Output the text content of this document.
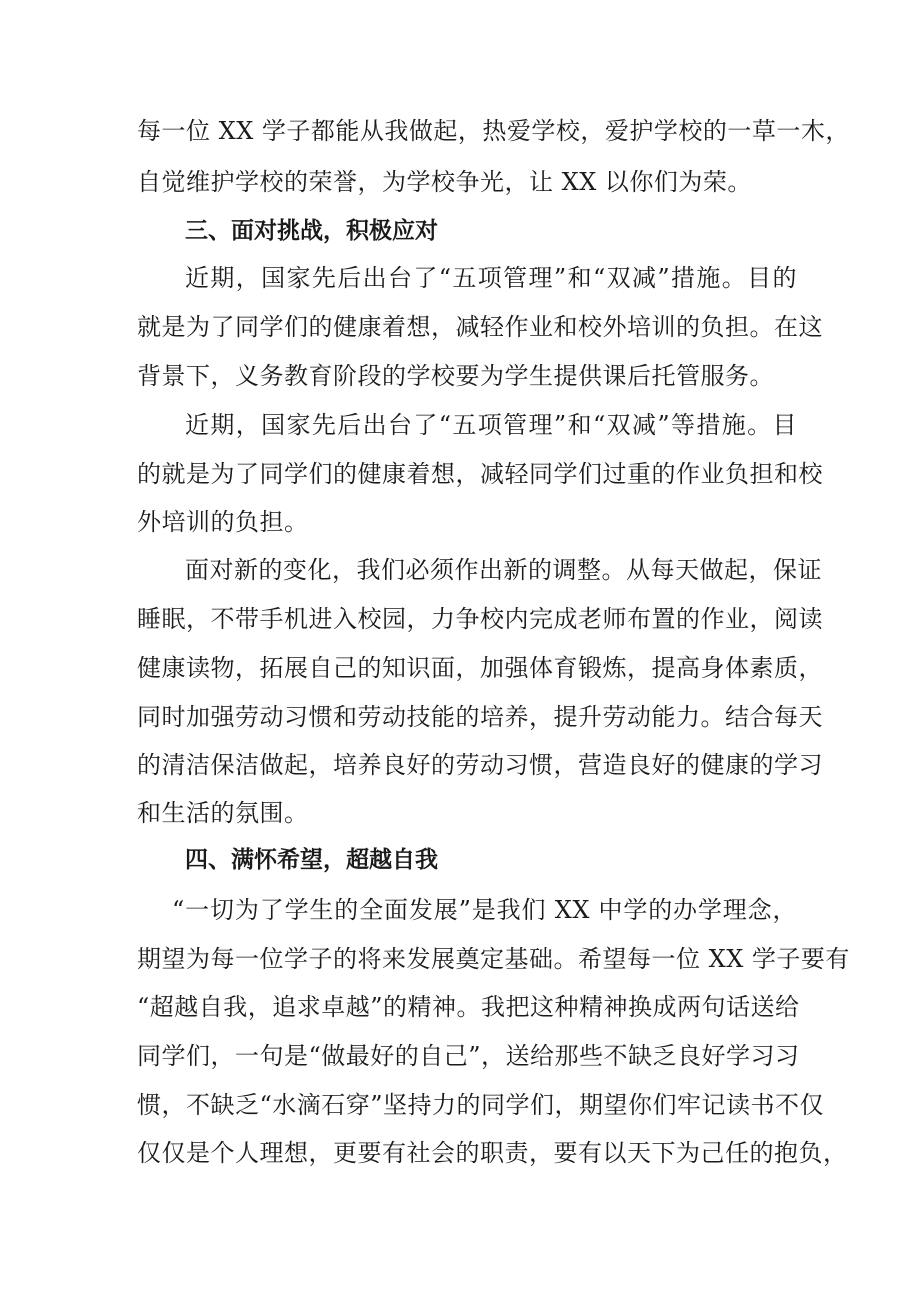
每一位 XX 学子都能从我做起，热爱学校，爱护学校的一草一木，
自觉维护学校的荣誉，为学校争光，让 XX 以你们为荣。
三、面对挑战，积极应对
近期，国家先后出台了“五项管理”和“双减”措施。目的
就是为了同学们的健康着想，减轻作业和校外培训的负担。在这
背景下，义务教育阶段的学校要为学生提供课后托管服务。
近期，国家先后出台了“五项管理”和“双减”等措施。目
的就是为了同学们的健康着想，减轻同学们过重的作业负担和校
外培训的负担。
面对新的变化，我们必须作出新的调整。从每天做起，保证
睡眠，不带手机进入校园，力争校内完成老师布置的作业，阅读
健康读物，拓展自己的知识面，加强体育锻炼，提高身体素质，
同时加强劳动习惯和劳动技能的培养，提升劳动能力。结合每天
的清洁保洁做起，培养良好的劳动习惯，营造良好的健康的学习
和生活的氛围。
四、满怀希望，超越自我
“一切为了学生的全面发展”是我们 XX 中学的办学理念，
期望为每一位学子的将来发展奠定基础。希望每一位 XX 学子要有
“超越自我，追求卓越”的精神。我把这种精神换成两句话送给
同学们，一句是“做最好的自己”，送给那些不缺乏良好学习习
惯，不缺乏“水滴石穿”坚持力的同学们，期望你们牢记读书不仅
仅仅是个人理想，更要有社会的职责，要有以天下为己任的抱负，
